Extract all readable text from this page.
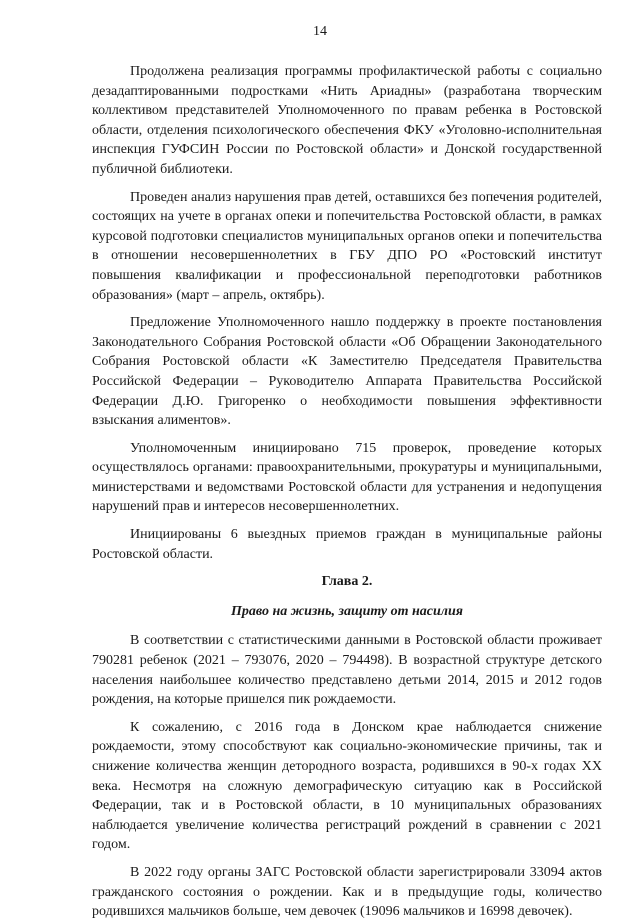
14

Продолжена реализация программы профилактической работы с социально дезадаптированными подростками «Нить Ариадны» (разработана творческим коллективом представителей Уполномоченного по правам ребенка в Ростовской области, отделения психологического обеспечения ФКУ «Уголовно-исполнительная инспекция ГУФСИН России по Ростовской области» и Донской государственной публичной библиотеки.

Проведен анализ нарушения прав детей, оставшихся без попечения родителей, состоящих на учете в органах опеки и попечительства Ростовской области, в рамках курсовой подготовки специалистов муниципальных органов опеки и попечительства в отношении несовершеннолетних в ГБУ ДПО РО «Ростовский институт повышения квалификации и профессиональной переподготовки работников образования» (март – апрель, октябрь).

Предложение Уполномоченного нашло поддержку в проекте постановления Законодательного Собрания Ростовской области «Об Обращении Законодательного Собрания Ростовской области «К Заместителю Председателя Правительства Российской Федерации – Руководителю Аппарата Правительства Российской Федерации Д.Ю. Григоренко о необходимости повышения эффективности взыскания алиментов».

Уполномоченным инициировано 715 проверок, проведение которых осуществлялось органами: правоохранительными, прокуратуры и муниципальными, министерствами и ведомствами Ростовской области для устранения и недопущения нарушений прав и интересов несовершеннолетних.

Инициированы 6 выездных приемов граждан в муниципальные районы Ростовской области.

Глава 2.
Право на жизнь, защиту от насилия

В соответствии с статистическими данными в Ростовской области проживает 790281 ребенок (2021 – 793076, 2020 – 794498). В возрастной структуре детского населения наибольшее количество представлено детьми 2014, 2015 и 2012 годов рождения, на которые пришелся пик рождаемости.

К сожалению, с 2016 года в Донском крае наблюдается снижение рождаемости, этому способствуют как социально-экономические причины, так и снижение количества женщин детородного возраста, родившихся в 90-х годах XX века. Несмотря на сложную демографическую ситуацию как в Российской Федерации, так и в Ростовской области, в 10 муниципальных образованиях наблюдается увеличение количества регистраций рождений в сравнении с 2021 годом.

В 2022 году органы ЗАГС Ростовской области зарегистрировали 33094 актов гражданского состояния о рождении. Как и в предыдущие годы, количество родившихся мальчиков больше, чем девочек (19096 мальчиков и 16998 девочек).
